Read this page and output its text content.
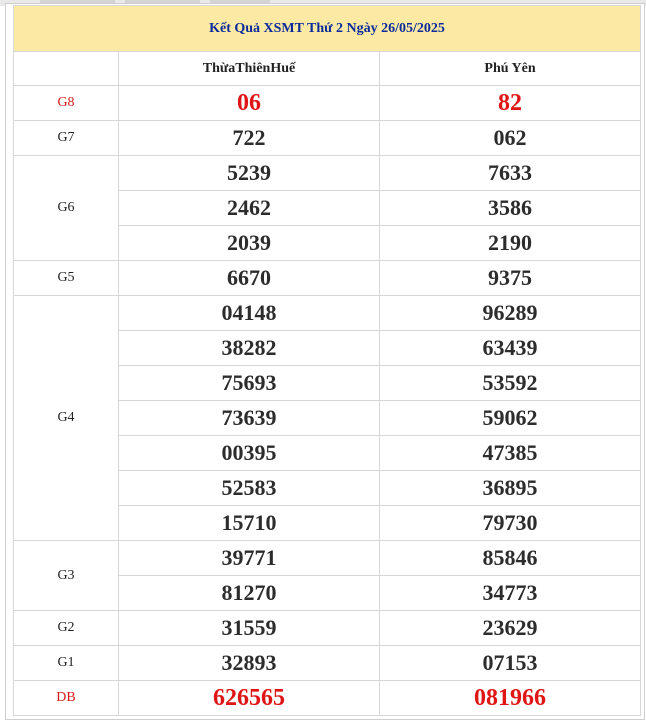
Kết Quả XSMT Thứ 2 Ngày 26/05/2025		
	ThừaThiênHuế	Phú Yên
G8	06	82
G7	722	062
G6	5239	7633
	2462	3586
	2039	2190
G5	6670	9375
G4	04148	96289
	38282	63439
	75693	53592
	73639	59062
	00395	47385
	52583	36895
	15710	79730
G3	39771	85846
	81270	34773
G2	31559	23629
G1	32893	07153
DB	626565	081966
